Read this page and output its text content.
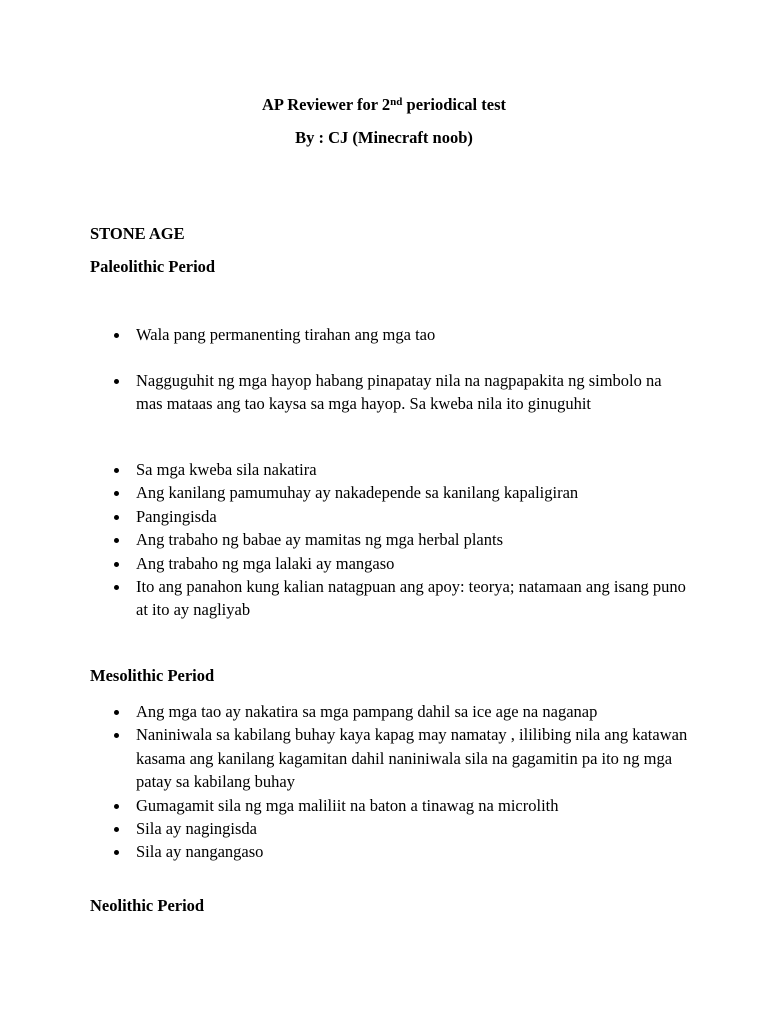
AP Reviewer for 2nd periodical test

By : CJ (Minecraft noob)

STONE AGE

Paleolithic Period

Wala pang permanenting tirahan ang mga tao
Nagguguhit ng mga hayop habang pinapatay nila na nagpapakita ng simbolo na mas mataas ang tao kaysa sa mga hayop. Sa kweba nila ito ginuguhit
Sa mga kweba sila nakatira
Ang kanilang pamumuhay ay nakadepende sa kanilang kapaligiran
Pangingisda
Ang trabaho ng babae ay mamitas ng mga herbal plants
Ang trabaho ng mga lalaki ay mangaso
Ito ang panahon kung kalian natagpuan ang apoy: teorya; natamaan ang isang puno at ito ay nagliyab

Mesolithic Period

Ang mga tao ay nakatira sa mga pampang dahil sa ice age na naganap
Naniniwala sa kabilang buhay kaya kapag may namatay , ililibing nila ang katawan kasama ang kanilang kagamitan dahil naniniwala sila na gagamitin pa ito ng mga patay sa kabilang buhay
Gumagamit sila ng mga maliliit na baton a tinawag na microlith
Sila ay nagingisda
Sila ay nangangaso

Neolithic Period
